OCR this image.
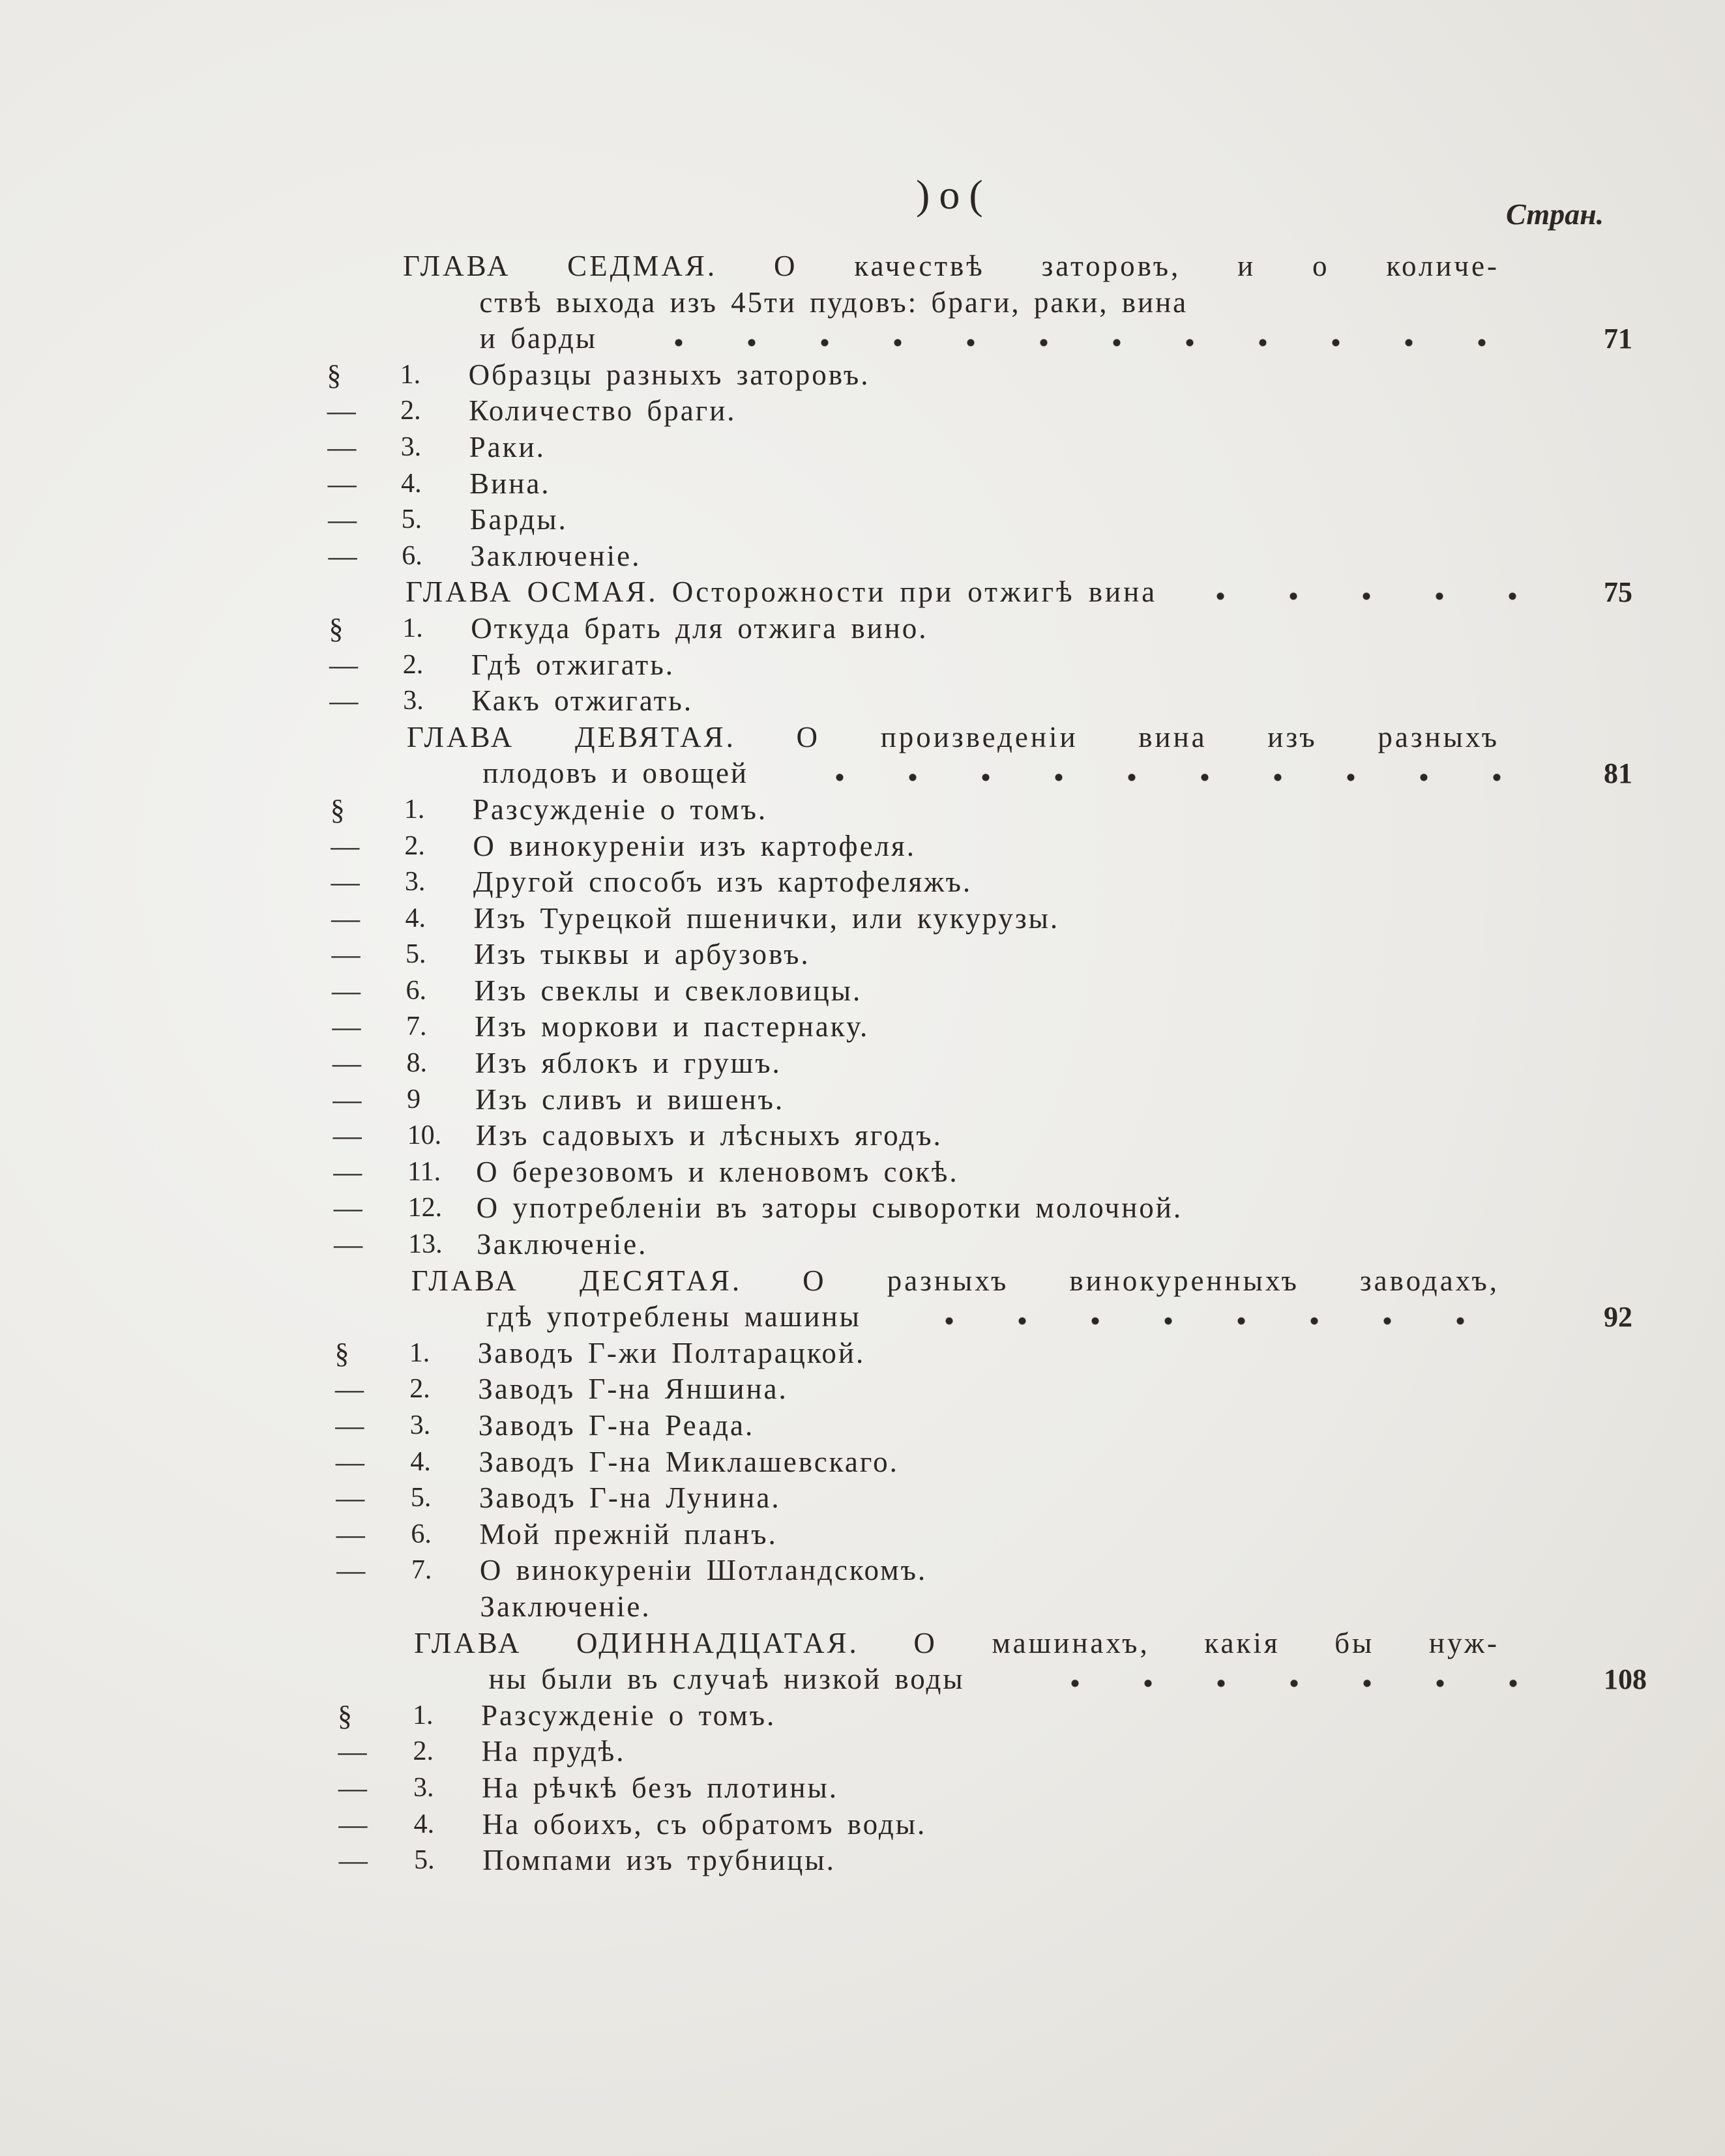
)o(	Стран.
ГЛАВА СЕДМАЯ. О качествѣ заторовъ, и о количе-
ствѣ выхода изъ 45ти пудовъ: браги, раки, вина
и барды	71
§ 1. Образцы разныхъ заторовъ.
— 2. Количество браги.
— 3. Раки.
— 4. Вина.
— 5. Барды.
— 6. Заключенiе.
ГЛАВА ОСМАЯ. Осторожности при отжигѣ вина	75
§ 1. Откуда брать для отжига вино.
— 2. Гдѣ отжигать.
— 3. Какъ отжигать.
ГЛАВА ДЕВЯТАЯ. О произведенiи вина изъ разныхъ
плодовъ и овощей	81
§ 1. Разсужденiе о томъ.
— 2. О винокуренiи изъ картофеля.
— 3. Другой способъ изъ картофеляжъ.
— 4. Изъ Турецкой пшенички, или кукурузы.
— 5. Изъ тыквы и арбузовъ.
— 6. Изъ свеклы и свекловицы.
— 7. Изъ моркови и пастернаку.
— 8. Изъ яблокъ и грушъ.
— 9 Изъ сливъ и вишенъ.
— 10. Изъ садовыхъ и лѣсныхъ ягодъ.
— 11. О березовомъ и кленовомъ сокѣ.
— 12. О употребленiи въ заторы сыворотки молочной.
— 13. Заключенiе.
ГЛАВА ДЕСЯТАЯ. О разныхъ винокуренныхъ заводахъ,
гдѣ употреблены машины	92
§ 1. Заводъ Г-жи Полтарацкой.
— 2. Заводъ Г-на Яншина.
— 3. Заводъ Г-на Реада.
— 4. Заводъ Г-на Миклашевскаго.
— 5. Заводъ Г-на Лунина.
— 6. Мой прежнiй планъ.
— 7. О винокуренiи Шотландскомъ.
Заключенiе.
ГЛАВА ОДИННАДЦАТАЯ. О машинахъ, какiя бы нуж-
ны были въ случаѣ низкой воды	108
§ 1. Разсужденiе о томъ.
— 2. На прудѣ.
— 3. На рѣчкѣ безъ плотины.
— 4. На обоихъ, съ обратомъ воды.
— 5. Помпами изъ трубницы.
